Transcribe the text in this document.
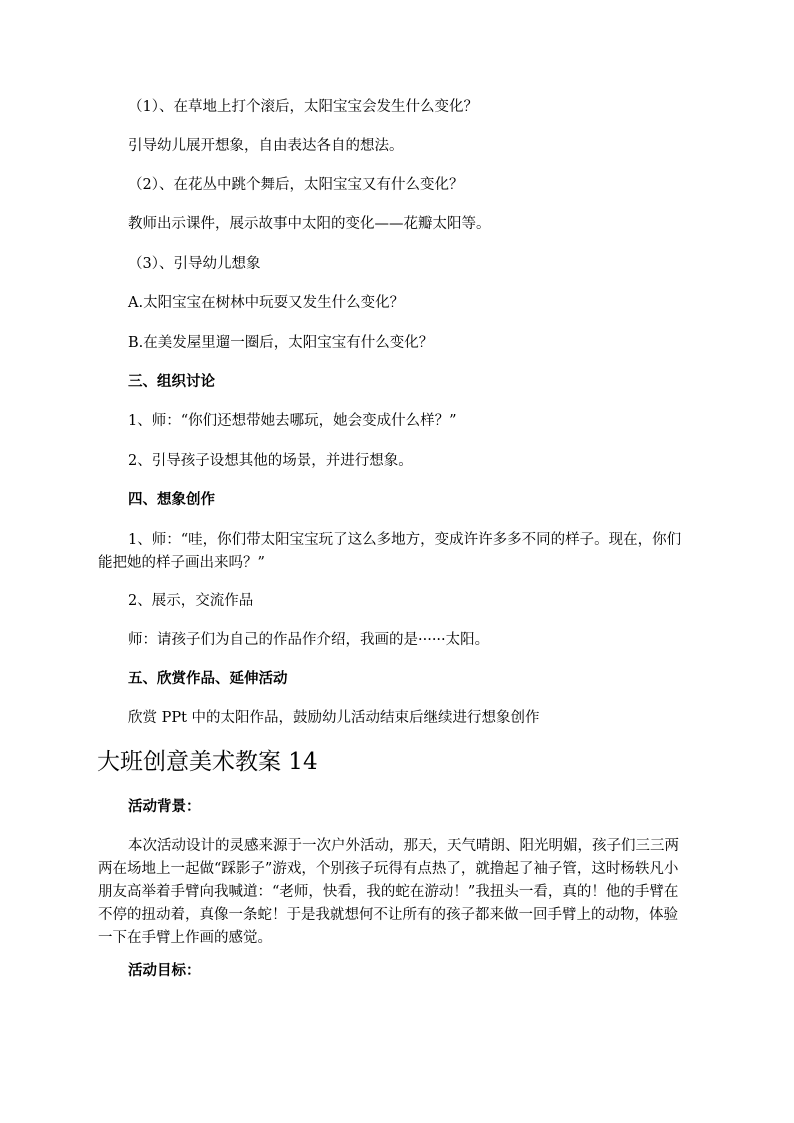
（1）、在草地上打个滚后，太阳宝宝会发生什么变化？
引导幼儿展开想象，自由表达各自的想法。
（2）、在花丛中跳个舞后，太阳宝宝又有什么变化？
教师出示课件，展示故事中太阳的变化——花瓣太阳等。
（3）、引导幼儿想象
A.太阳宝宝在树林中玩耍又发生什么变化？
B.在美发屋里遛一圈后，太阳宝宝有什么变化？
三、组织讨论
1、师：“你们还想带她去哪玩，她会变成什么样？”
2、引导孩子设想其他的场景，并进行想象。
四、想象创作
1、师：“哇，你们带太阳宝宝玩了这么多地方，变成许许多多不同的样子。现在，你们能把她的样子画出来吗？”
2、展示，交流作品
师：请孩子们为自己的作品作介绍，我画的是······太阳。
五、欣赏作品、延伸活动
欣赏 PPt 中的太阳作品，鼓励幼儿活动结束后继续进行想象创作
大班创意美术教案 14
活动背景：
本次活动设计的灵感来源于一次户外活动，那天，天气晴朗、阳光明媚，孩子们三三两两在场地上一起做“踩影子”游戏，个别孩子玩得有点热了，就撸起了袖子管，这时杨轶凡小朋友高举着手臂向我喊道：“老师，快看，我的蛇在游动！”我扭头一看，真的！他的手臂在不停的扭动着，真像一条蛇！于是我就想何不让所有的孩子都来做一回手臂上的动物，体验一下在手臂上作画的感觉。
活动目标：
